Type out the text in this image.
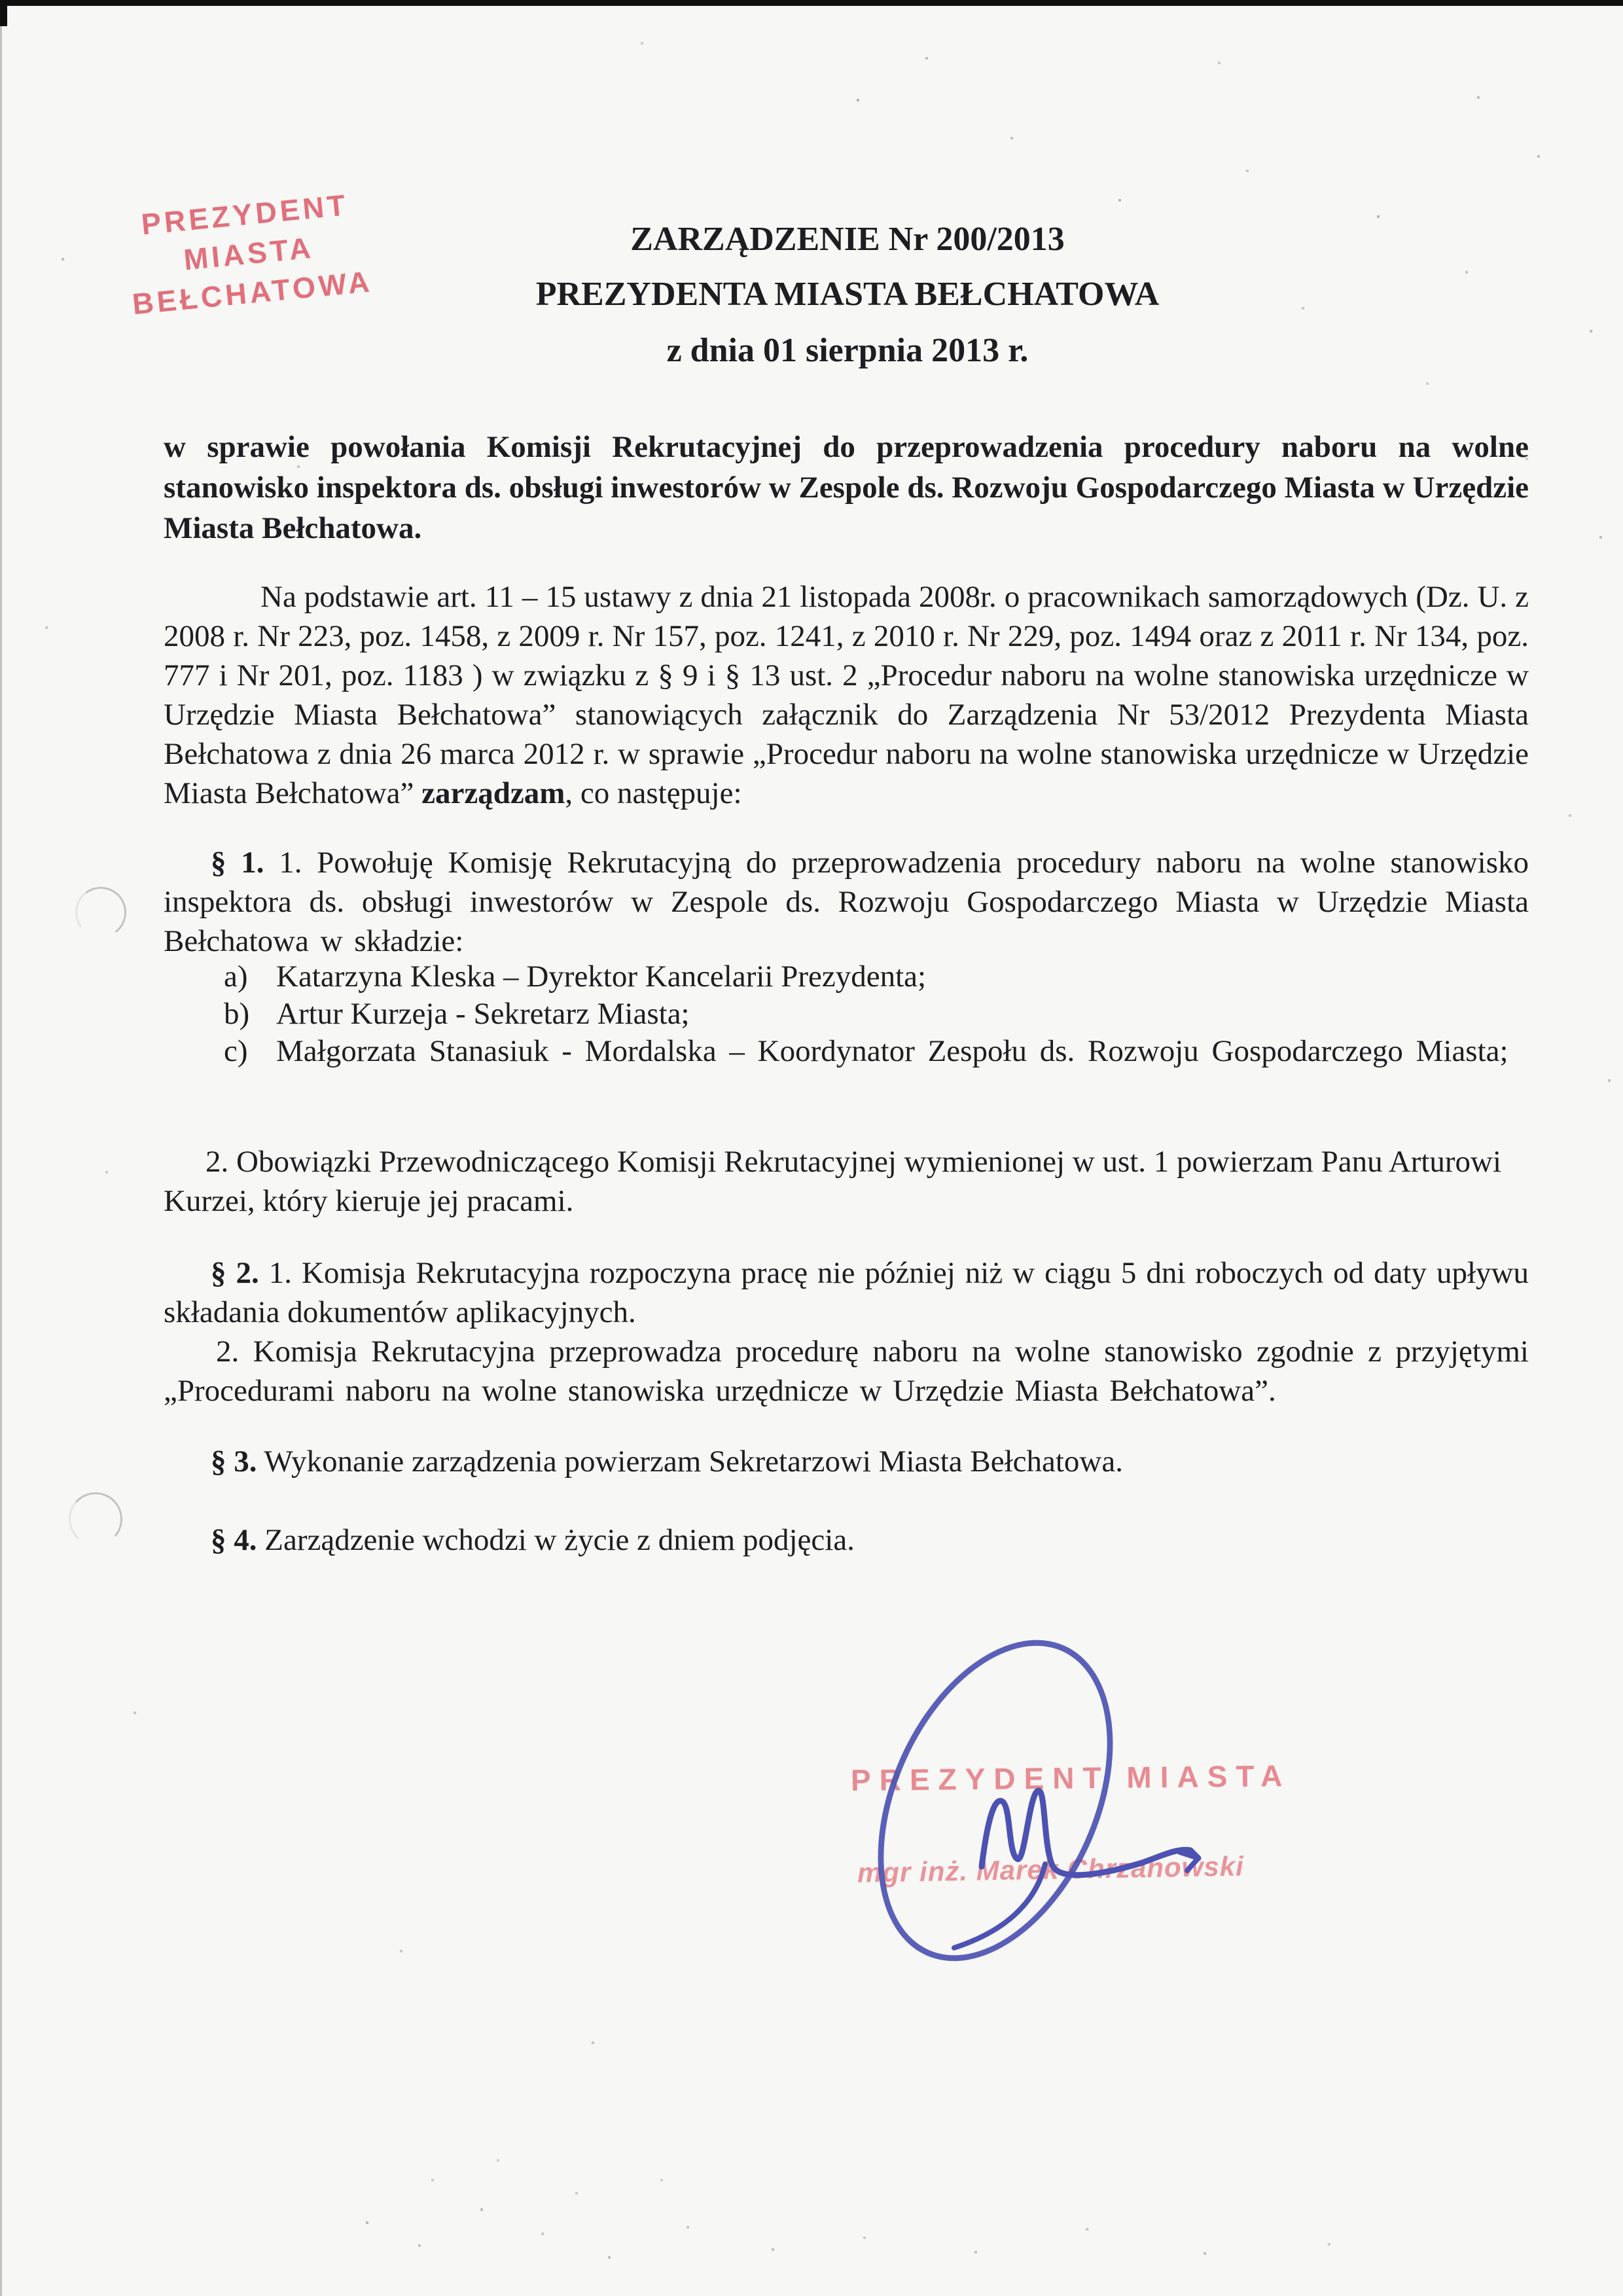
PREZYDENT MIASTA
BEŁCHATOWA
ZARZĄDZENIE Nr 200/2013
PREZYDENTA MIASTA BEŁCHATOWA
z dnia 01 sierpnia 2013 r.
w sprawie powołania Komisji Rekrutacyjnej do przeprowadzenia procedury naboru na wolne stanowisko inspektora ds. obsługi inwestorów w Zespole ds. Rozwoju Gospodarczego Miasta w Urzędzie Miasta Bełchatowa.
Na podstawie art. 11 – 15 ustawy z dnia 21 listopada 2008r. o pracownikach samorządowych (Dz. U. z 2008 r. Nr 223, poz. 1458, z 2009 r. Nr 157, poz. 1241, z 2010 r. Nr 229, poz. 1494 oraz z 2011 r. Nr 134, poz. 777 i Nr 201, poz. 1183 ) w związku z § 9 i § 13 ust. 2 „Procedur naboru na wolne stanowiska urzędnicze w Urzędzie Miasta Bełchatowa” stanowiących załącznik do Zarządzenia Nr 53/2012 Prezydenta Miasta Bełchatowa z dnia 26 marca 2012 r. w sprawie „Procedur naboru na wolne stanowiska urzędnicze w Urzędzie Miasta Bełchatowa” zarządzam, co następuje:
§ 1. 1. Powołuję Komisję Rekrutacyjną do przeprowadzenia procedury naboru na wolne stanowisko inspektora ds. obsługi inwestorów w Zespole ds. Rozwoju Gospodarczego Miasta w Urzędzie Miasta Bełchatowa w składzie:
a) Katarzyna Kleska – Dyrektor Kancelarii Prezydenta;
b) Artur Kurzeja - Sekretarz Miasta;
c) Małgorzata Stanasiuk - Mordalska – Koordynator Zespołu ds. Rozwoju Gospodarczego Miasta;
2. Obowiązki Przewodniczącego Komisji Rekrutacyjnej wymienionej w ust. 1 powierzam Panu Arturowi Kurzei, który kieruje jej pracami.
§ 2. 1. Komisja Rekrutacyjna rozpoczyna pracę nie później niż w ciągu 5 dni roboczych od daty upływu składania dokumentów aplikacyjnych.
2. Komisja Rekrutacyjna przeprowadza procedurę naboru na wolne stanowisko zgodnie z przyjętymi „Procedurami naboru na wolne stanowiska urzędnicze w Urzędzie Miasta Bełchatowa”.
§ 3. Wykonanie zarządzenia powierzam Sekretarzowi Miasta Bełchatowa.
§ 4. Zarządzenie wchodzi w życie z dniem podjęcia.
PREZYDENT MIASTA
mgr inż. Marek Chrzanowski
